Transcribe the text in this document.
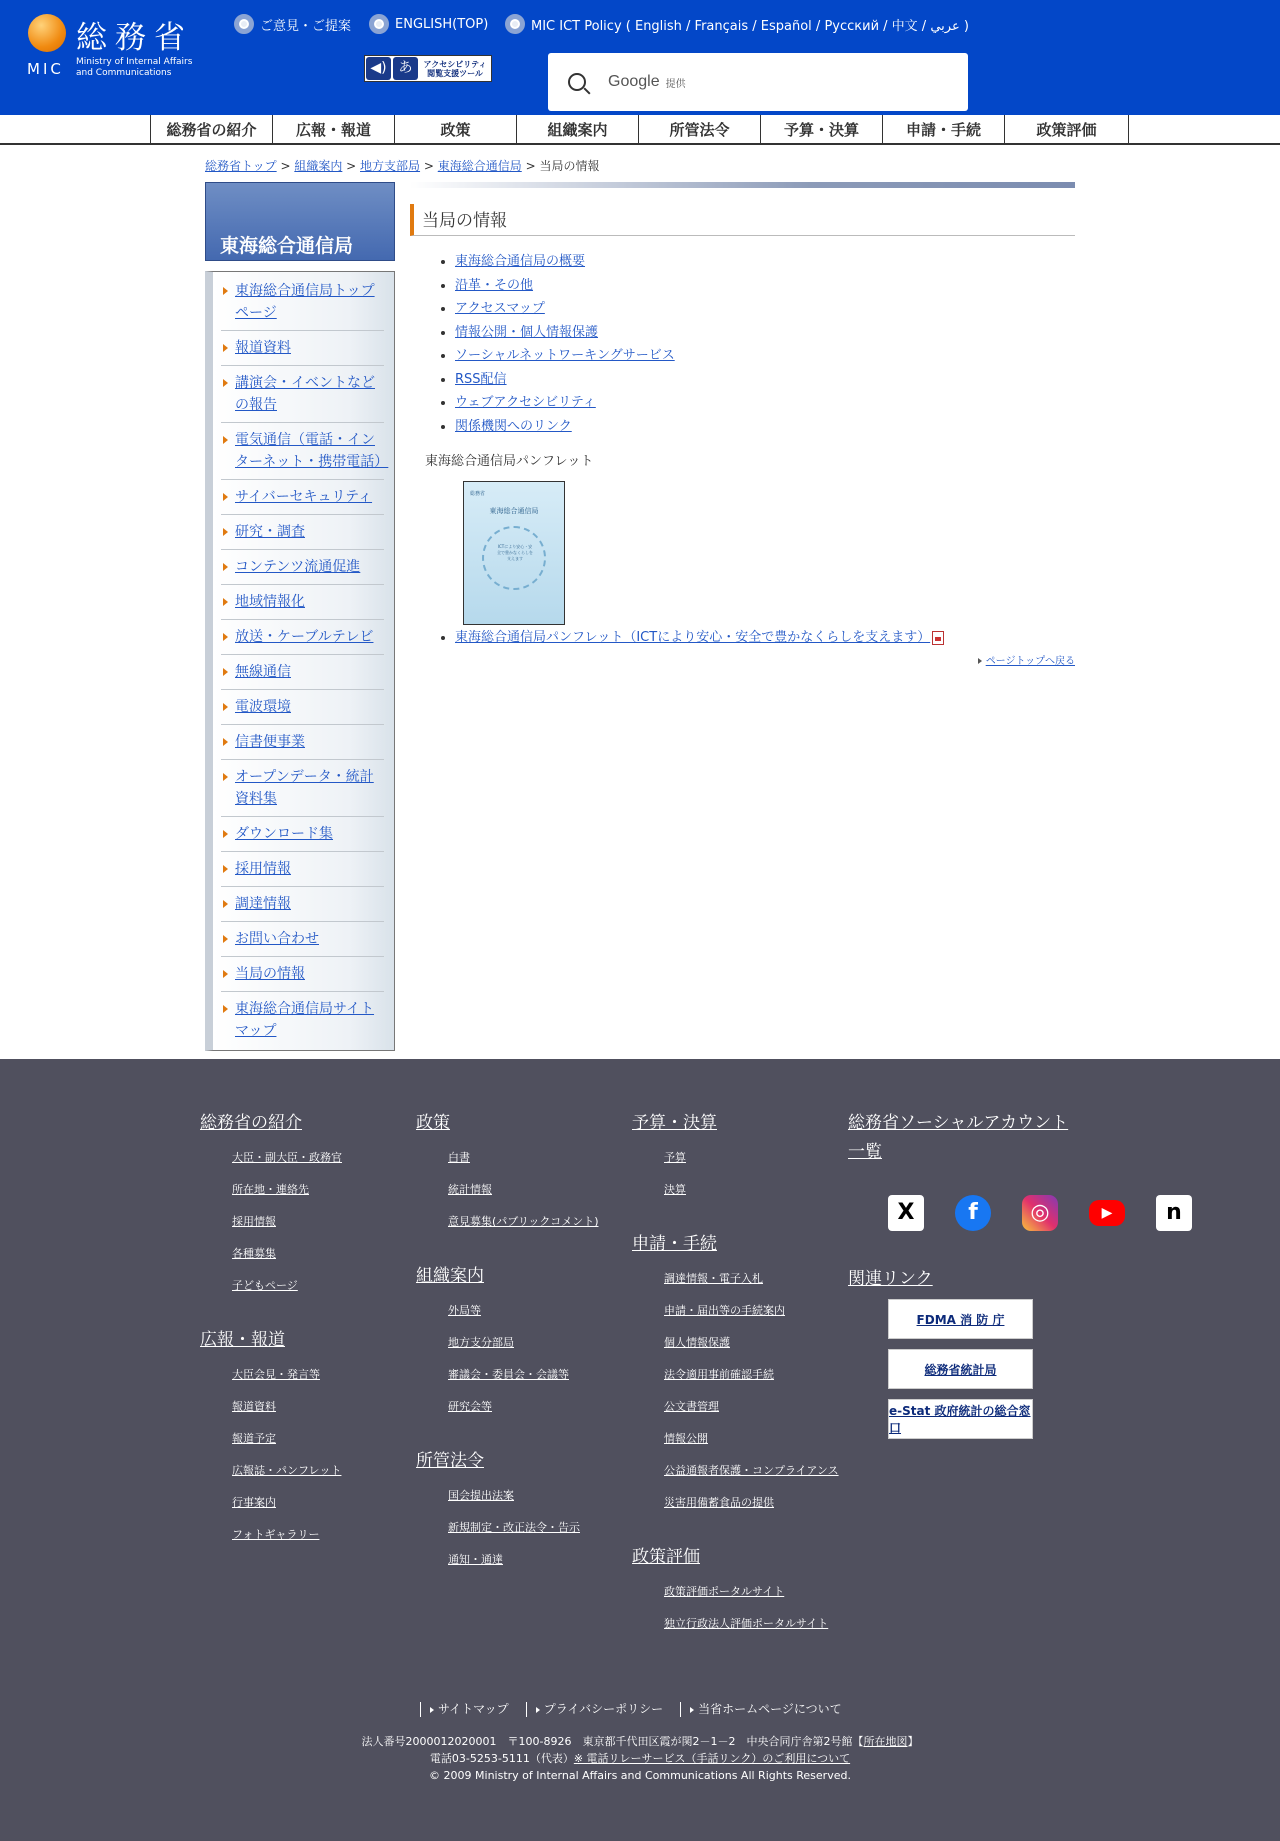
総務省
MIC Ministry of Internal Affairs
and Communications
ご意見・ご提案	ENGLISH(TOP)	MIC ICT Policy ( English / Français / Español / Русский / 中文 / عربي )
◀) あ	アクセシビリティ
閲覧支援ツール	Google 提供
総務省の紹介	広報・報道	政策	組織案内	所管法令	予算・決算	申請・手続	政策評価
総務省トップ > 組織案内 > 地方支部局 > 東海総合通信局 > 当局の情報
東海総合通信局
東海総合通信局トップページ
報道資料
講演会・イベントなどの報告
電気通信（電話・インターネット・携帯電話）
サイバーセキュリティ
研究・調査
コンテンツ流通促進
地域情報化
放送・ケーブルテレビ
無線通信
電波環境
信書便事業
オープンデータ・統計資料集
ダウンロード集
採用情報
調達情報
お問い合わせ
当局の情報
東海総合通信局サイトマップ
当局の情報
• 東海総合通信局の概要
• 沿革・その他
• アクセスマップ
• 情報公開・個人情報保護
• ソーシャルネットワーキングサービス
• RSS配信
• ウェブアクセシビリティ
• 関係機関へのリンク

東海総合通信局パンフレット

総務省
東海総合通信局
ICTにより安心・安全で豊かなくらしを支えます
• 東海総合通信局パンフレット（ICTにより安心・安全で豊かなくらしを支えます）
ページトップへ戻る
総務省の紹介
大臣・副大臣・政務官
所在地・連絡先
採用情報
各種募集
子どもページ
広報・報道
大臣会見・発言等
報道資料
報道予定
広報誌・パンフレット
行事案内
フォトギャラリー
政策
白書
統計情報
意見募集(パブリックコメント)
組織案内
外局等
地方支分部局
審議会・委員会・会議等
研究会等
所管法令
国会提出法案
新規制定・改正法令・告示
通知・通達
予算・決算
予算
決算
申請・手続
調達情報・電子入札
申請・届出等の手続案内
個人情報保護
法令適用事前確認手続
公文書管理
情報公開
公益通報者保護・コンプライアンス
災害用備蓄食品の提供
政策評価
政策評価ポータルサイト
独立行政法人評価ポータルサイト
総務省ソーシャルアカウント一覧
X	f	◎	▶	n
関連リンク
FDMA 消 防 庁
総務省統計局
e-Stat 政府統計の総合窓口
サイトマップ	プライバシーポリシー	当省ホームページについて
法人番号2000012020001　〒100-8926　東京都千代田区霞が関2－1－2　中央合同庁舎第2号館【所在地図】
電話03-5253-5111（代表）※ 電話リレーサービス（手話リンク）のご利用について
© 2009 Ministry of Internal Affairs and Communications All Rights Reserved.
